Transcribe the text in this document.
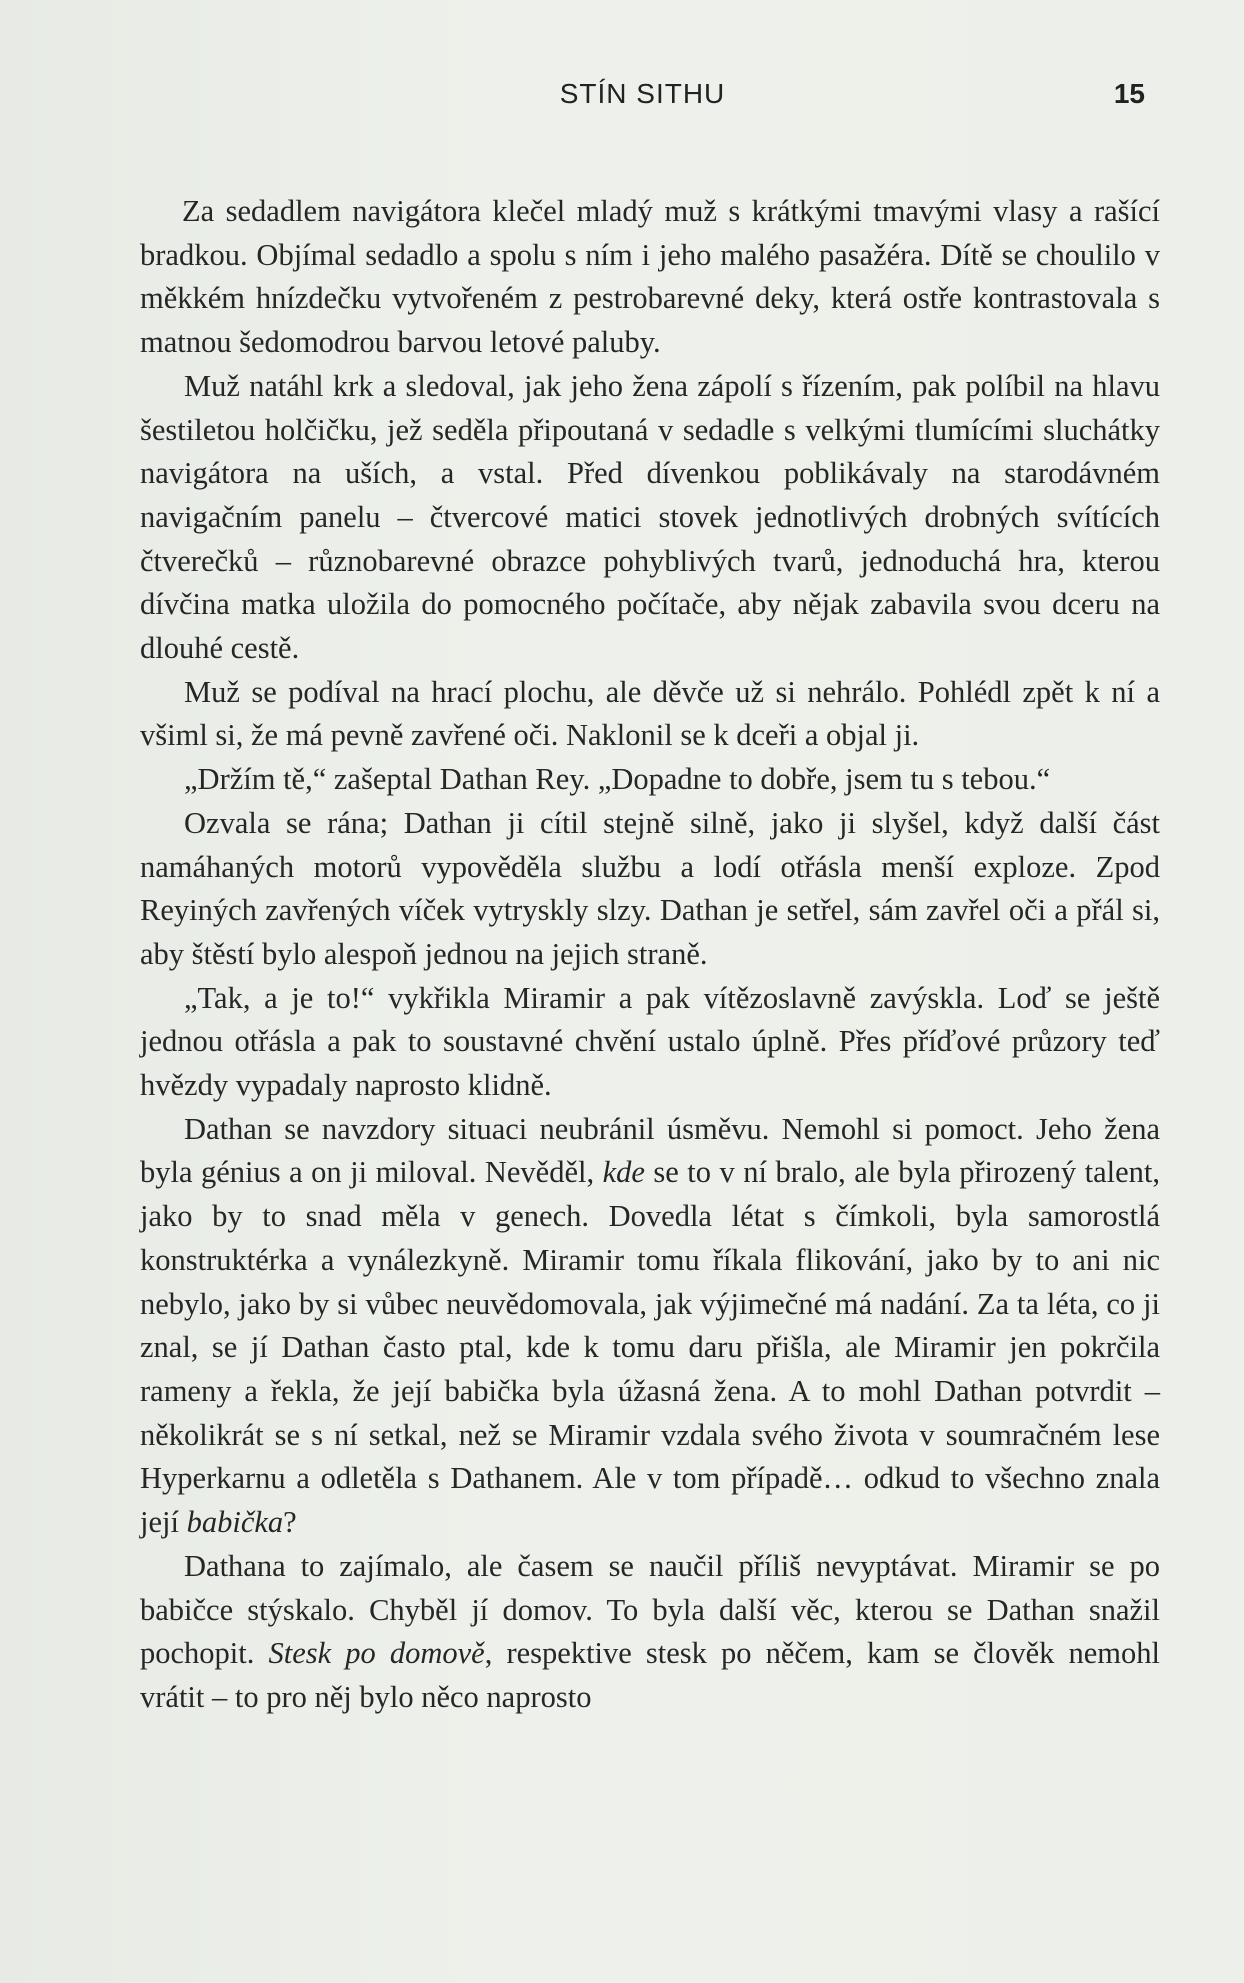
STÍN SITHU	15

Za sedadlem navigátora klečel mladý muž s krátkými tmavými vlasy a rašící bradkou. Objímal sedadlo a spolu s ním i jeho malého pasažéra. Dítě se choulilo v měkkém hnízdečku vytvořeném z pestrobarevné deky, která ostře kontrastovala s matnou šedomodrou barvou letové paluby.

Muž natáhl krk a sledoval, jak jeho žena zápolí s řízením, pak políbil na hlavu šestiletou holčičku, jež seděla připoutaná v sedadle s velkými tlumícími sluchátky navigátora na uších, a vstal. Před dívenkou poblikávaly na starodávném navigačním panelu – čtvercové matici stovek jednotlivých drobných svítících čtverečků – různobarevné obrazce pohyblivých tvarů, jednoduchá hra, kterou dívčina matka uložila do pomocného počítače, aby nějak zabavila svou dceru na dlouhé cestě.

Muž se podíval na hrací plochu, ale děvče už si nehrálo. Pohlédl zpět k ní a všiml si, že má pevně zavřené oči. Naklonil se k dceři a objal ji.

„Držím tě,“ zašeptal Dathan Rey. „Dopadne to dobře, jsem tu s tebou.“

Ozvala se rána; Dathan ji cítil stejně silně, jako ji slyšel, když další část namáhaných motorů vypověděla službu a lodí otřásla menší exploze. Zpod Reyiných zavřených víček vytryskly slzy. Dathan je setřel, sám zavřel oči a přál si, aby štěstí bylo alespoň jednou na jejich straně.

„Tak, a je to!“ vykřikla Miramir a pak vítězoslavně zavýskla. Loď se ještě jednou otřásla a pak to soustavné chvění ustalo úplně. Přes příďové průzory teď hvězdy vypadaly naprosto klidně.

Dathan se navzdory situaci neubránil úsměvu. Nemohl si pomoct. Jeho žena byla génius a on ji miloval. Nevěděl, kde se to v ní bralo, ale byla přirozený talent, jako by to snad měla v genech. Dovedla létat s čímkoli, byla samorostlá konstruktérka a vynálezkyně. Miramir tomu říkala flikování, jako by to ani nic nebylo, jako by si vůbec neuvědomovala, jak výjimečné má nadání. Za ta léta, co ji znal, se jí Dathan často ptal, kde k tomu daru přišla, ale Miramir jen pokrčila rameny a řekla, že její babička byla úžasná žena. A to mohl Dathan potvrdit – několikrát se s ní setkal, než se Miramir vzdala svého života v soumračném lese Hyperkarnu a odletěla s Dathanem. Ale v tom případě… odkud to všechno znala její babička?

Dathana to zajímalo, ale časem se naučil příliš nevyptávat. Miramir se po babičce stýskalo. Chyběl jí domov. To byla další věc, kterou se Dathan snažil pochopit. Stesk po domově, respektive stesk po něčem, kam se člověk nemohl vrátit – to pro něj bylo něco naprosto
